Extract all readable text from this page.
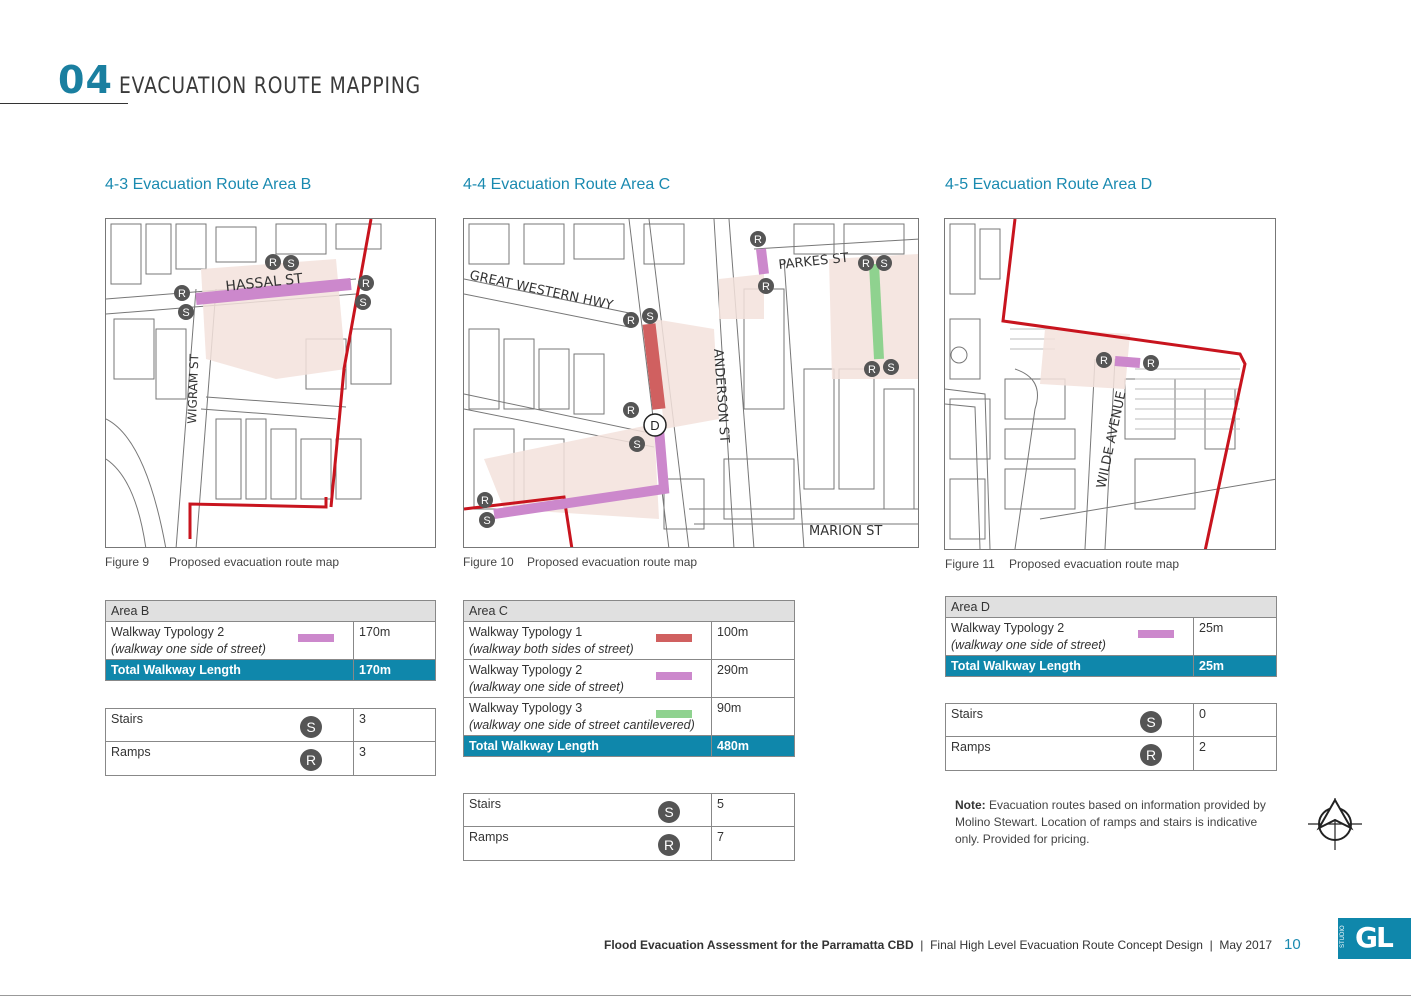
04 EVACUATION ROUTE MAPPING
4-3 Evacuation Route Area B
HASSAL ST
WIGRAM ST
R
S
R S
R
S
Figure 9 Proposed evacuation route map
Area B	

Walkway Typology 2
(walkway one side of street)	170m
Total Walkway Length	170m
S
Stairs	3

R
Ramps	3
4-4 Evacuation Route Area C
GREAT WESTERN HWY
PARKES ST
ANDERSON ST
MARION ST
R S
R
S
R
S
R
R
R S
R S
D
Figure 10 Proposed evacuation route map
Area C	

Walkway Typology 1
(walkway both sides of street)	100m

Walkway Typology 2
(walkway one side of street)	290m

Walkway Typology 3
(walkway one side of street cantilevered)	90m
Total Walkway Length	480m
S
Stairs	5

R
Ramps	7
4-5 Evacuation Route Area D
WILDE AVENUE
R	R
Figure 11 Proposed evacuation route map
Area D	

Walkway Typology 2
(walkway one side of street)	25m
Total Walkway Length	25m
S
Stairs	0

R
Ramps	2
Note: Evacuation routes based on information provided by Molino Stewart. Location of ramps and stairs is indicative only. Provided for pricing.
Flood Evacuation Assessment for the Parramatta CBD  |  Final High Level Evacuation Route Concept Design  |  May 2017 10	STUDIO GL
